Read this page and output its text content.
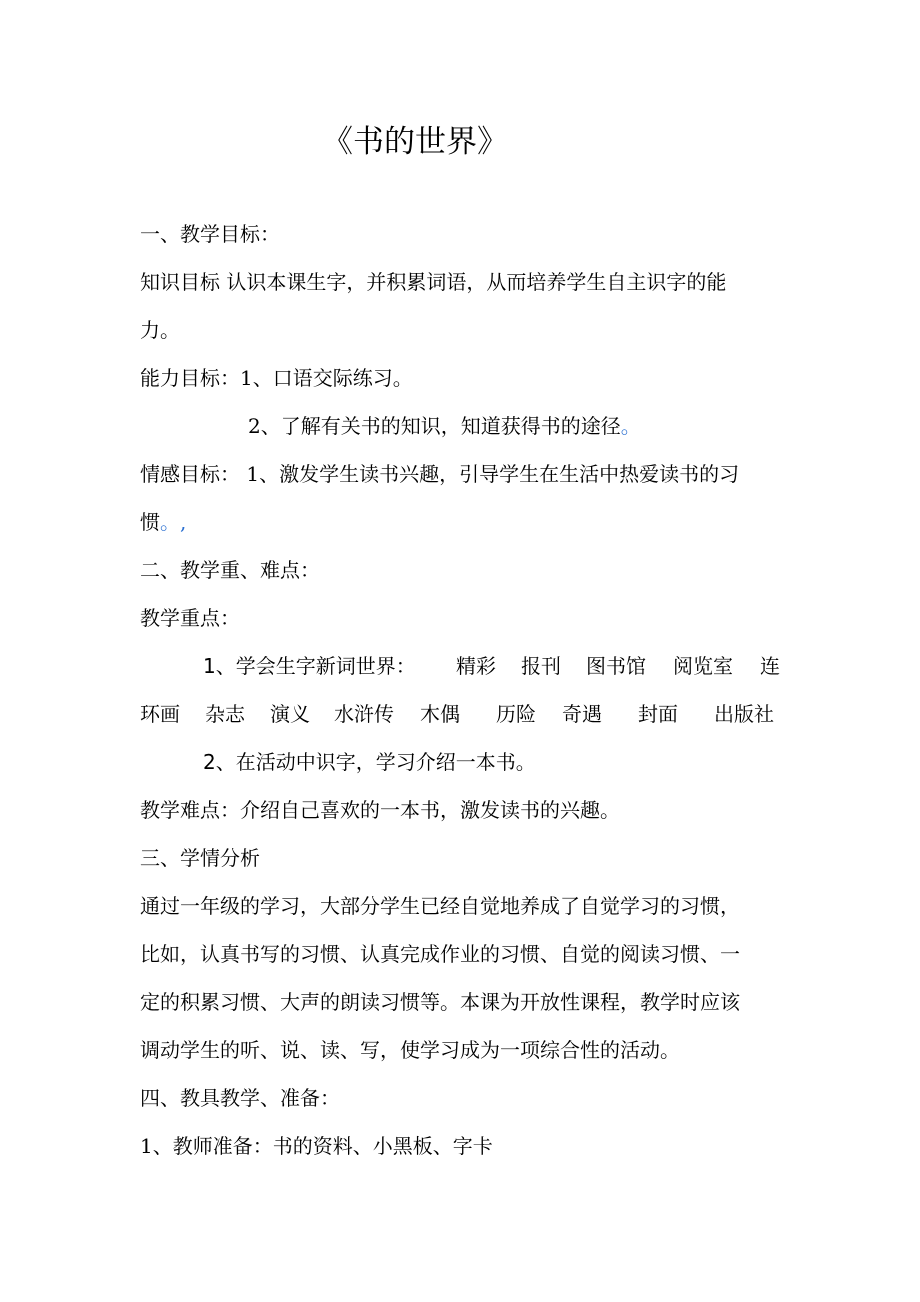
《书的世界》
一、教学目标：
知识目标 认识本课生字，并积累词语，从而培养学生自主识字的能
力。
能力目标：1、口语交际练习。
2、了解有关书的知识，知道获得书的途径。
情感目标： 1、激发学生读书兴趣，引导学生在生活中热爱读书的习
惯。,
二、教学重、难点：
教学重点：
1、学会生字新词世界： 精彩 报刊 图书馆 阅览室 连
环画 杂志 演义 水浒传 木偶 历险 奇遇 封面 出版社
2、在活动中识字，学习介绍一本书。
教学难点：介绍自己喜欢的一本书，激发读书的兴趣。
三、学情分析
通过一年级的学习，大部分学生已经自觉地养成了自觉学习的习惯，
比如，认真书写的习惯、认真完成作业的习惯、自觉的阅读习惯、一
定的积累习惯、大声的朗读习惯等。本课为开放性课程，教学时应该
调动学生的听、说、读、写，使学习成为一项综合性的活动。
四、教具教学、准备：
1、教师准备：书的资料、小黑板、字卡
